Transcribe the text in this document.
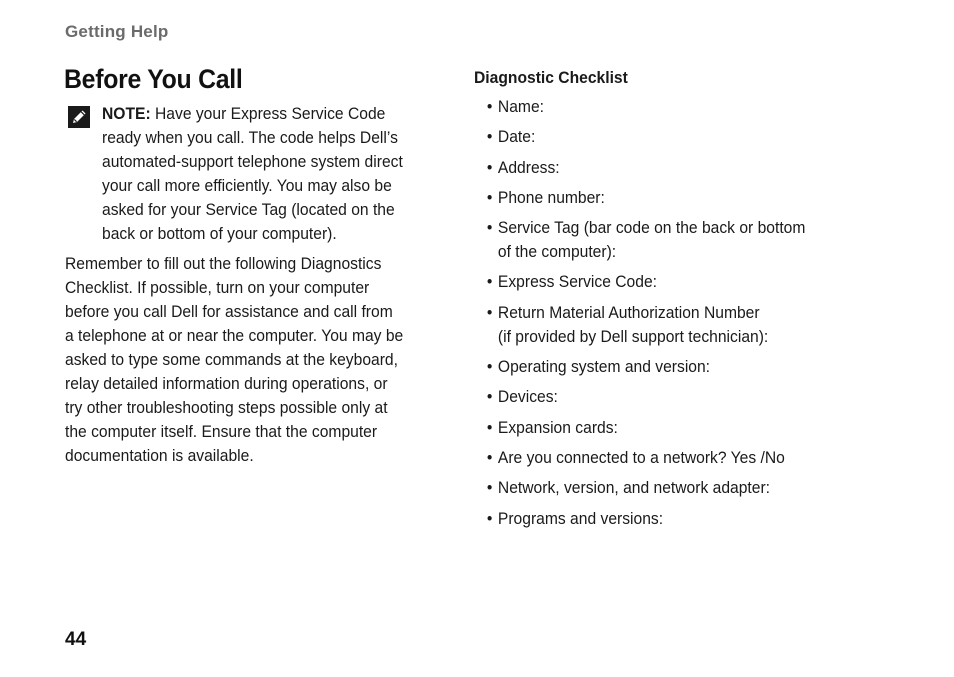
Getting Help
Before You Call
NOTE: Have your Express Service Code
ready when you call. The code helps Dell’s
automated-support telephone system direct
your call more efficiently. You may also be
asked for your Service Tag (located on the
back or bottom of your computer).
Remember to fill out the following Diagnostics
Checklist. If possible, turn on your computer
before you call Dell for assistance and call from
a telephone at or near the computer. You may be
asked to type some commands at the keyboard,
relay detailed information during operations, or
try other troubleshooting steps possible only at
the computer itself. Ensure that the computer
documentation is available.
Diagnostic Checklist
• Name:
• Date:
• Address:
• Phone number:
• Service Tag (bar code on the back or bottom
of the computer):
• Express Service Code:
• Return Material Authorization Number
(if provided by Dell support technician):
• Operating system and version:
• Devices:
• Expansion cards:
• Are you connected to a network? Yes /No
• Network, version, and network adapter:
• Programs and versions:
44
